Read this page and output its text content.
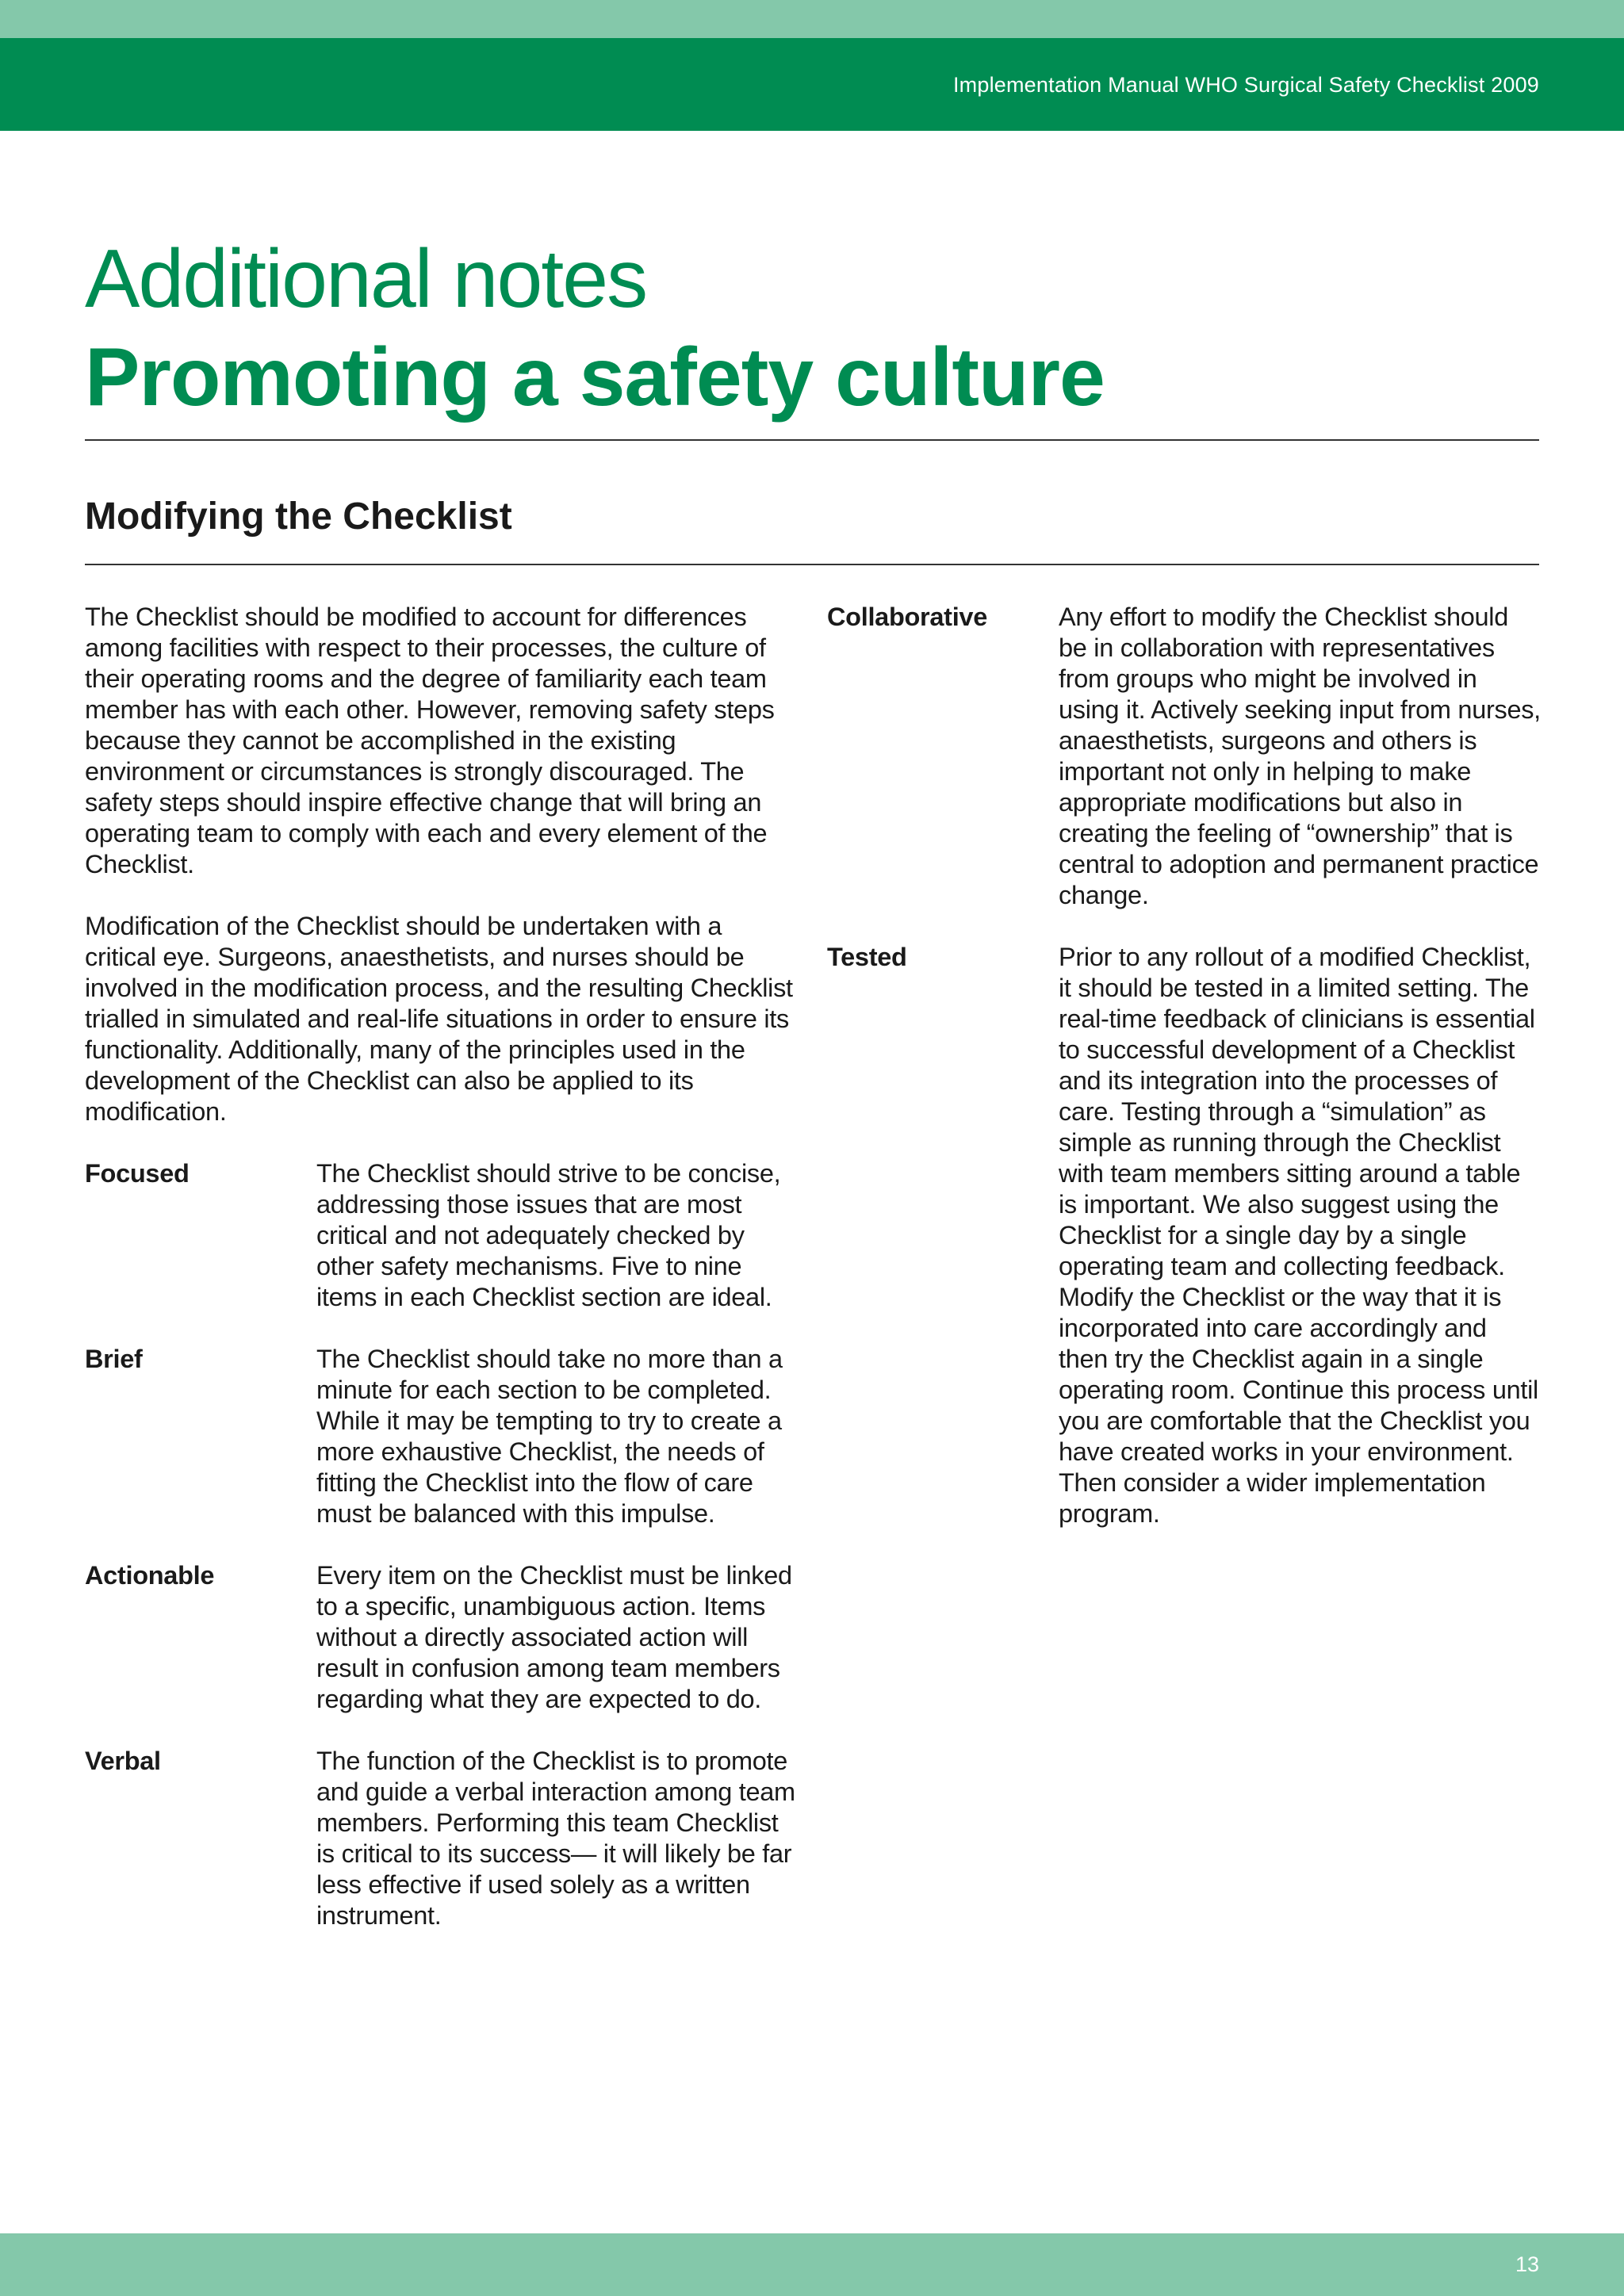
Implementation Manual WHO Surgical Safety Checklist 2009
Additional notes
Promoting a safety culture
Modifying the Checklist

The Checklist should be modified to account for differences among facilities with respect to their processes, the culture of their operating rooms and the degree of familiarity each team member has with each other. However, removing safety steps because they cannot be accomplished in the existing environment or circumstances is strongly discouraged. The safety steps should inspire effective change that will bring an operating team to comply with each and every element of the Checklist.

Modification of the Checklist should be undertaken with a critical eye. Surgeons, anaesthetists, and nurses should be involved in the modification process, and the resulting Checklist trialled in simulated and real-life situations in order to ensure its functionality. Additionally, many of the principles used in the development of the Checklist can also be applied to its modification.

Focused	The Checklist should strive to be concise, addressing those issues that are most critical and not adequately checked by other safety mechanisms. Five to nine items in each Checklist section are ideal.
Brief	The Checklist should take no more than a minute for each section to be completed. While it may be tempting to try to create a more exhaustive Checklist, the needs of fitting the Checklist into the flow of care must be balanced with this impulse.
Actionable	Every item on the Checklist must be linked to a specific, unambiguous action. Items without a directly associated action will result in confusion among team members regarding what they are expected to do.
Verbal	The function of the Checklist is to promote and guide a verbal interaction among team members. Performing this team Checklist is critical to its success— it will likely be far less effective if used solely as a written instrument.
Collaborative	Any effort to modify the Checklist should be in collaboration with representatives from groups who might be involved in using it. Actively seeking input from nurses, anaesthetists, surgeons and others is important not only in helping to make appropriate modifications but also in creating the feeling of “ownership” that is central to adoption and permanent practice change.
Tested	Prior to any rollout of a modified Checklist, it should be tested in a limited setting. The real-time feedback of clinicians is essential to successful development of a Checklist and its integration into the processes of care. Testing through a “simulation” as simple as running through the Checklist with team members sitting around a table is important. We also suggest using the Checklist for a single day by a single operating team and collecting feedback. Modify the Checklist or the way that it is incorporated into care accordingly and then try the Checklist again in a single operating room. Continue this process until you are comfortable that the Checklist you have created works in your environment. Then consider a wider implementation program.
13
